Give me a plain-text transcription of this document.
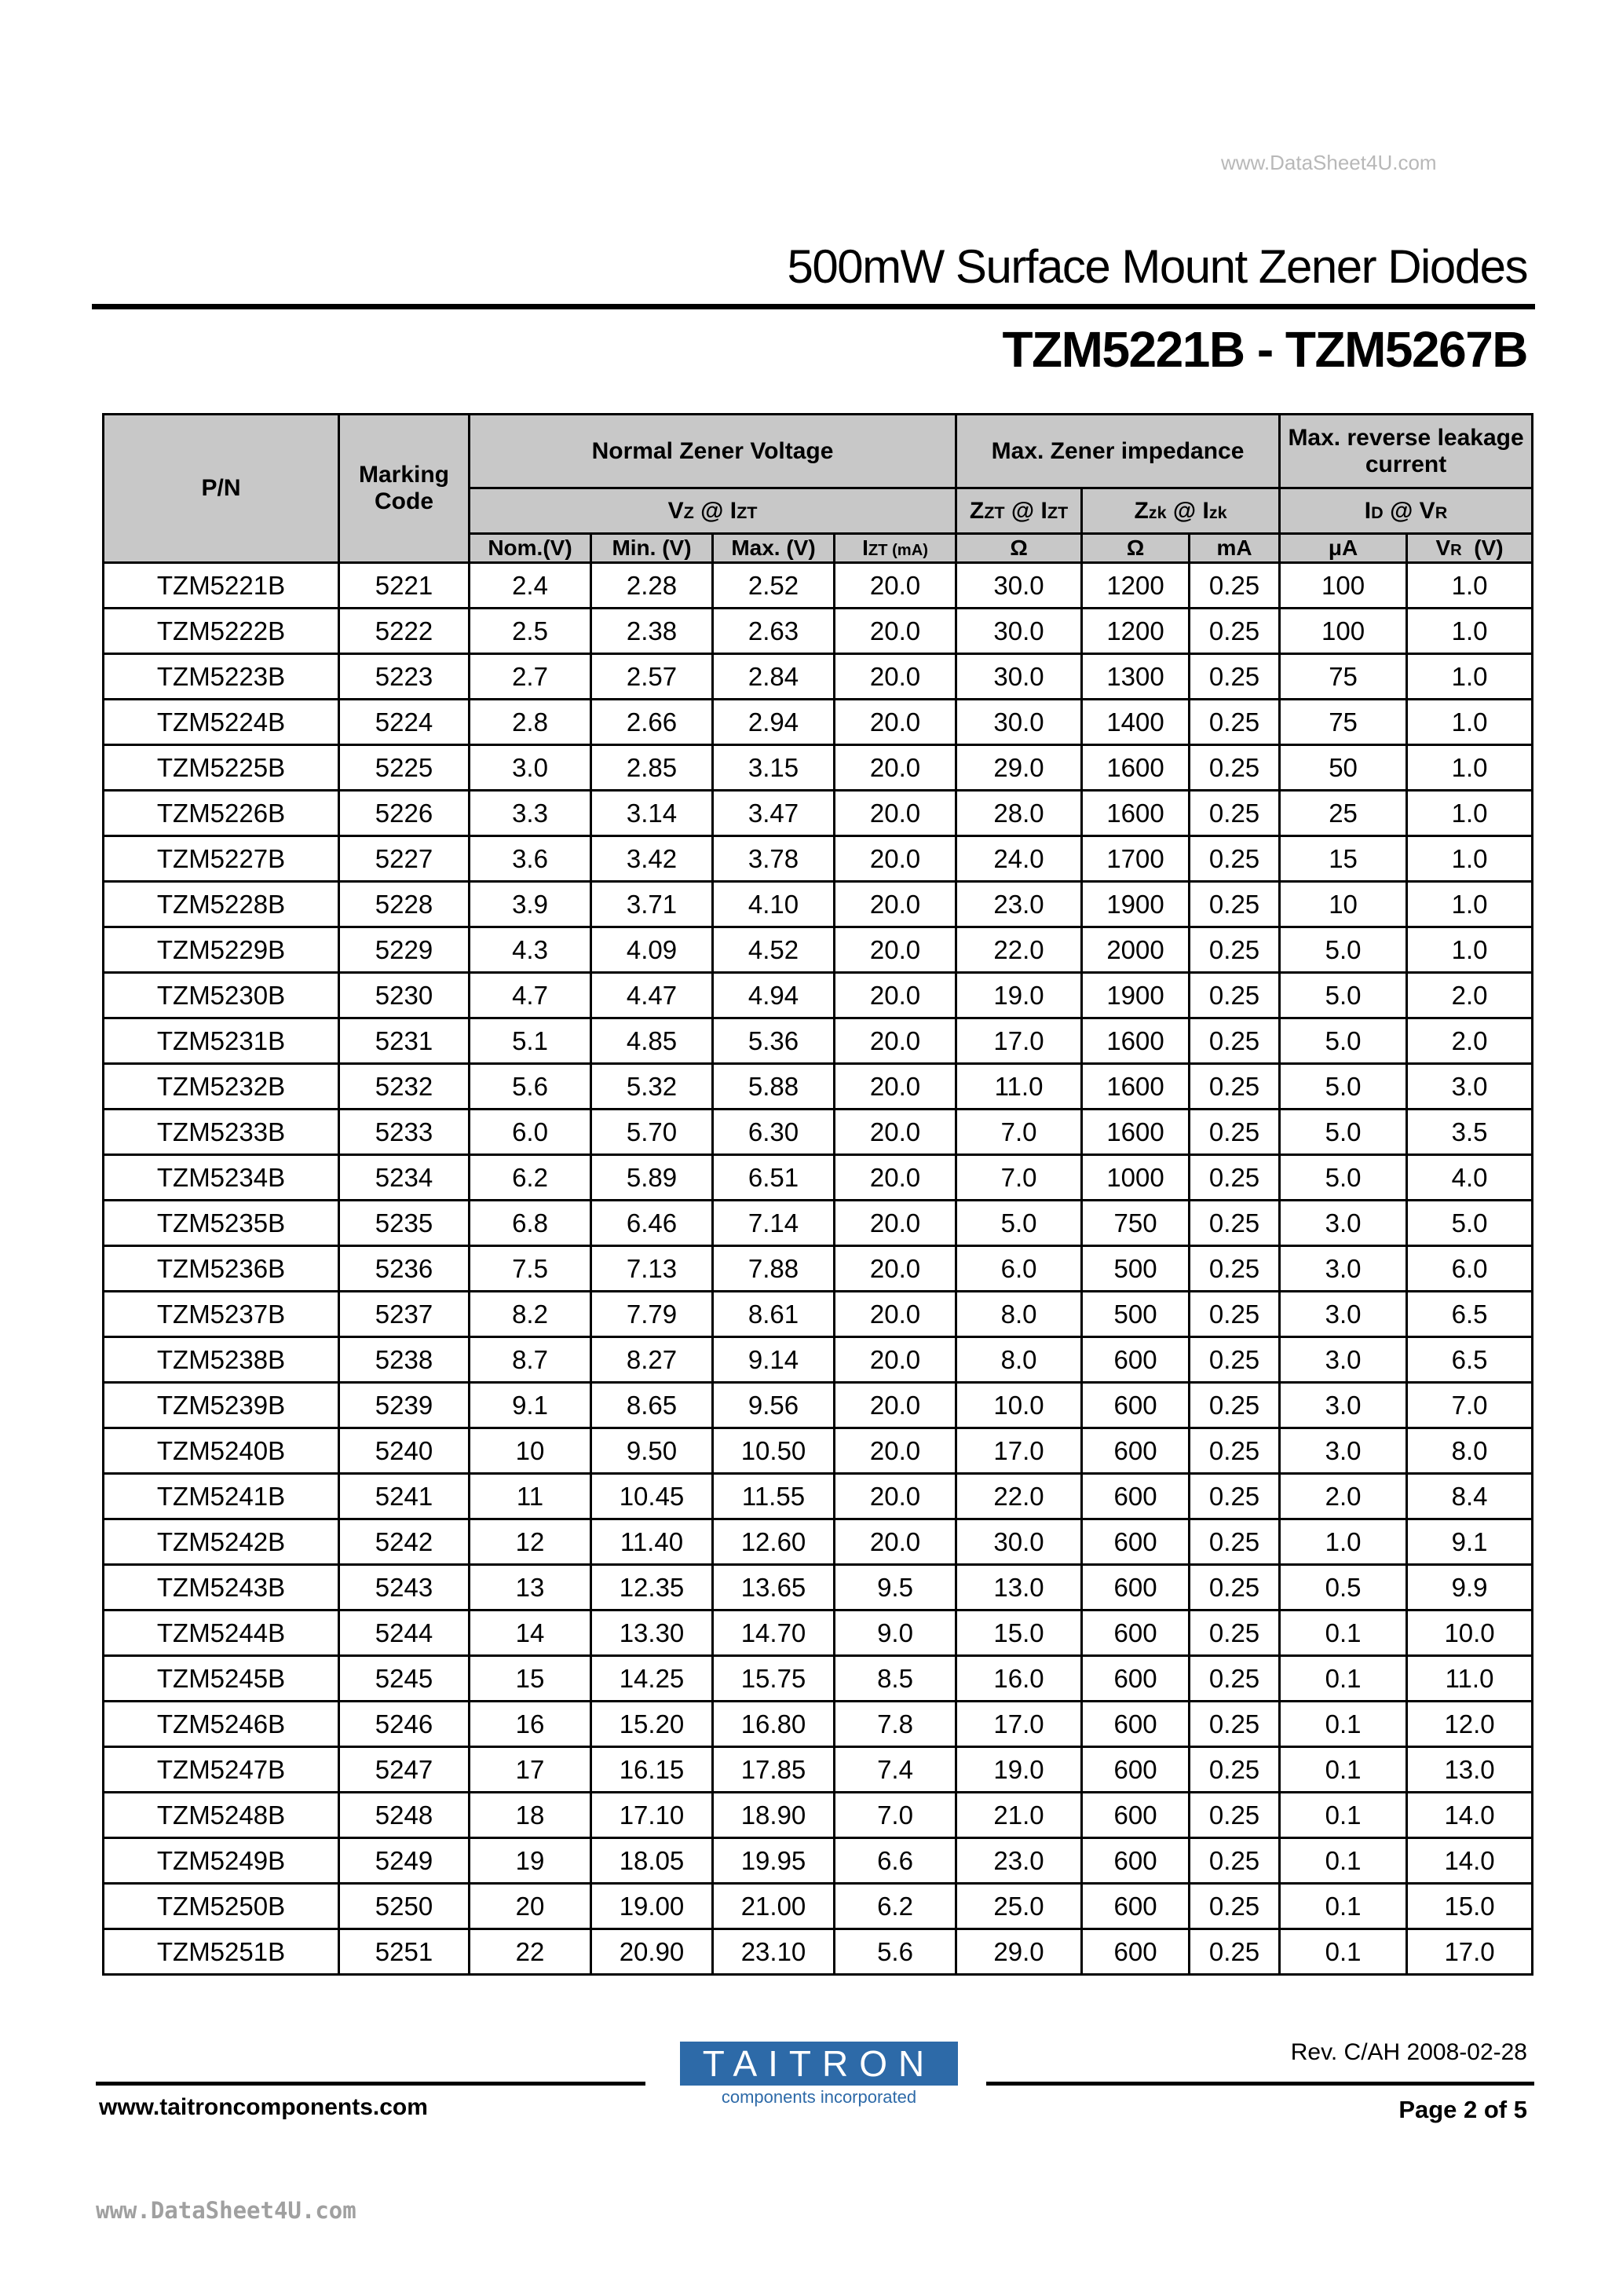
www.DataSheet4U.com
500mW Surface Mount Zener Diodes
TZM5221B - TZM5267B
P/N	Marking Code	Normal Zener Voltage				Max. Zener impedance			Max. reverse leakage current	
		VZ @ IZT				ZZT @ IZT	Zzk @ Izk		ID @ VR	
		Nom.(V)	Min. (V)	Max. (V)	IZT (mA)	Ω	Ω	mA	μA	VR  (V)
TZM5221B	5221	2.4	2.28	2.52	20.0	30.0	1200	0.25	100	1.0
TZM5222B	5222	2.5	2.38	2.63	20.0	30.0	1200	0.25	100	1.0
TZM5223B	5223	2.7	2.57	2.84	20.0	30.0	1300	0.25	75	1.0
TZM5224B	5224	2.8	2.66	2.94	20.0	30.0	1400	0.25	75	1.0
TZM5225B	5225	3.0	2.85	3.15	20.0	29.0	1600	0.25	50	1.0
TZM5226B	5226	3.3	3.14	3.47	20.0	28.0	1600	0.25	25	1.0
TZM5227B	5227	3.6	3.42	3.78	20.0	24.0	1700	0.25	15	1.0
TZM5228B	5228	3.9	3.71	4.10	20.0	23.0	1900	0.25	10	1.0
TZM5229B	5229	4.3	4.09	4.52	20.0	22.0	2000	0.25	5.0	1.0
TZM5230B	5230	4.7	4.47	4.94	20.0	19.0	1900	0.25	5.0	2.0
TZM5231B	5231	5.1	4.85	5.36	20.0	17.0	1600	0.25	5.0	2.0
TZM5232B	5232	5.6	5.32	5.88	20.0	11.0	1600	0.25	5.0	3.0
TZM5233B	5233	6.0	5.70	6.30	20.0	7.0	1600	0.25	5.0	3.5
TZM5234B	5234	6.2	5.89	6.51	20.0	7.0	1000	0.25	5.0	4.0
TZM5235B	5235	6.8	6.46	7.14	20.0	5.0	750	0.25	3.0	5.0
TZM5236B	5236	7.5	7.13	7.88	20.0	6.0	500	0.25	3.0	6.0
TZM5237B	5237	8.2	7.79	8.61	20.0	8.0	500	0.25	3.0	6.5
TZM5238B	5238	8.7	8.27	9.14	20.0	8.0	600	0.25	3.0	6.5
TZM5239B	5239	9.1	8.65	9.56	20.0	10.0	600	0.25	3.0	7.0
TZM5240B	5240	10	9.50	10.50	20.0	17.0	600	0.25	3.0	8.0
TZM5241B	5241	11	10.45	11.55	20.0	22.0	600	0.25	2.0	8.4
TZM5242B	5242	12	11.40	12.60	20.0	30.0	600	0.25	1.0	9.1
TZM5243B	5243	13	12.35	13.65	9.5	13.0	600	0.25	0.5	9.9
TZM5244B	5244	14	13.30	14.70	9.0	15.0	600	0.25	0.1	10.0
TZM5245B	5245	15	14.25	15.75	8.5	16.0	600	0.25	0.1	11.0
TZM5246B	5246	16	15.20	16.80	7.8	17.0	600	0.25	0.1	12.0
TZM5247B	5247	17	16.15	17.85	7.4	19.0	600	0.25	0.1	13.0
TZM5248B	5248	18	17.10	18.90	7.0	21.0	600	0.25	0.1	14.0
TZM5249B	5249	19	18.05	19.95	6.6	23.0	600	0.25	0.1	14.0
TZM5250B	5250	20	19.00	21.00	6.2	25.0	600	0.25	0.1	15.0
TZM5251B	5251	22	20.90	23.10	5.6	29.0	600	0.25	0.1	17.0
TAITRON
components incorporated
Rev. C/AH 2008-02-28
www.taitroncomponents.com	Page 2 of 5
www.DataSheet4U.com
